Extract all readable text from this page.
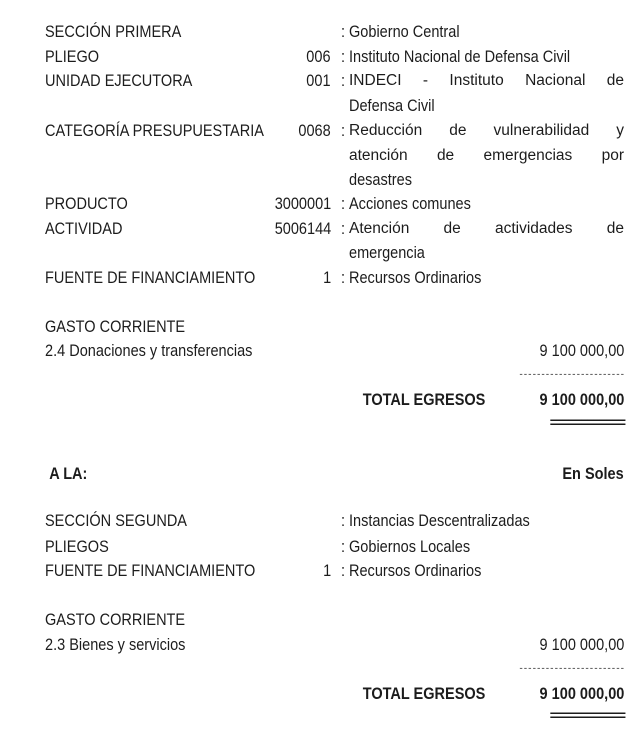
SECCIÓN PRIMERA	: Gobierno Central
PLIEGO	006 : Instituto Nacional de Defensa Civil
UNIDAD EJECUTORA	001 : INDECI - Instituto Nacional de
Defensa Civil
CATEGORÍA PRESUPUESTARIA 0068 : Reducción de vulnerabilidad y
atención de emergencias por
desastres
PRODUCTO	3000001 : Acciones comunes
ACTIVIDAD	5006144 : Atención de actividades de
emergencia
FUENTE DE FINANCIAMIENTO	1 : Recursos Ordinarios
GASTO CORRIENTE
2.4 Donaciones y transferencias	9 100 000,00
------------------------
TOTAL EGRESOS	9 100 000,00
============
A LA:	En Soles
SECCIÓN SEGUNDA	: Instancias Descentralizadas
PLIEGOS	: Gobiernos Locales
FUENTE DE FINANCIAMIENTO	1 : Recursos Ordinarios
GASTO CORRIENTE
2.3 Bienes y servicios	9 100 000,00
------------------------
TOTAL EGRESOS	9 100 000,00
============
